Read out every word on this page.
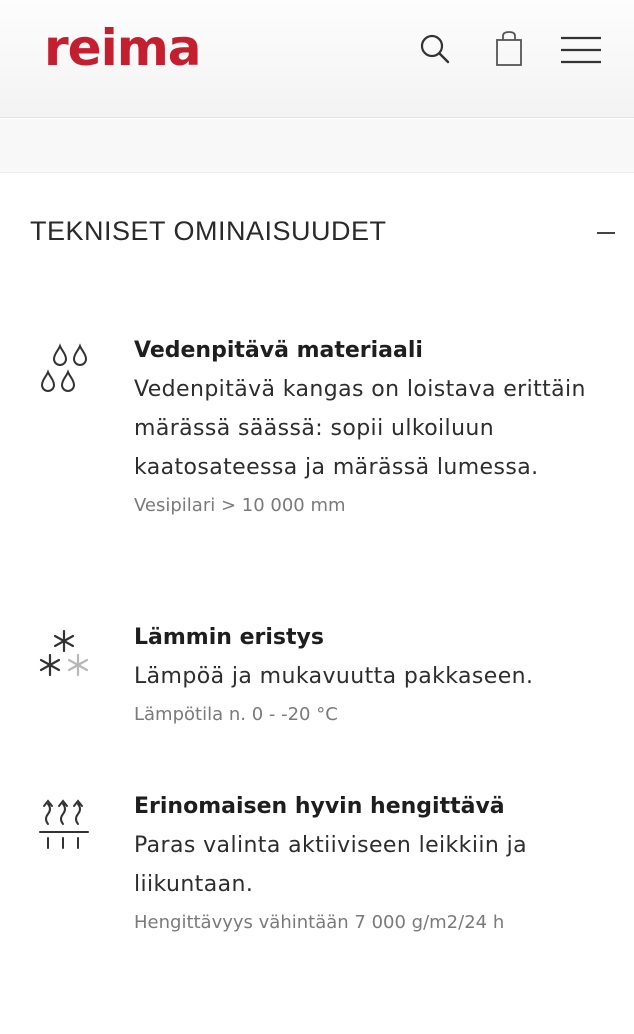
reima
TEKNISET OMINAISUUDET
Vedenpitävä materiaali
Vedenpitävä kangas on loistava erittäin märässä säässä: sopii ulkoiluun kaatosateessa ja märässä lumessa.
Vesipilari > 10 000 mm
Lämmin eristys
Lämpöä ja mukavuutta pakkaseen.
Lämpötila n. 0 - -20 °C
Erinomaisen hyvin hengittävä
Paras valinta aktiiviseen leikkiin ja liikuntaan.
Hengittävyys vähintään 7 000 g/m2/24 h
